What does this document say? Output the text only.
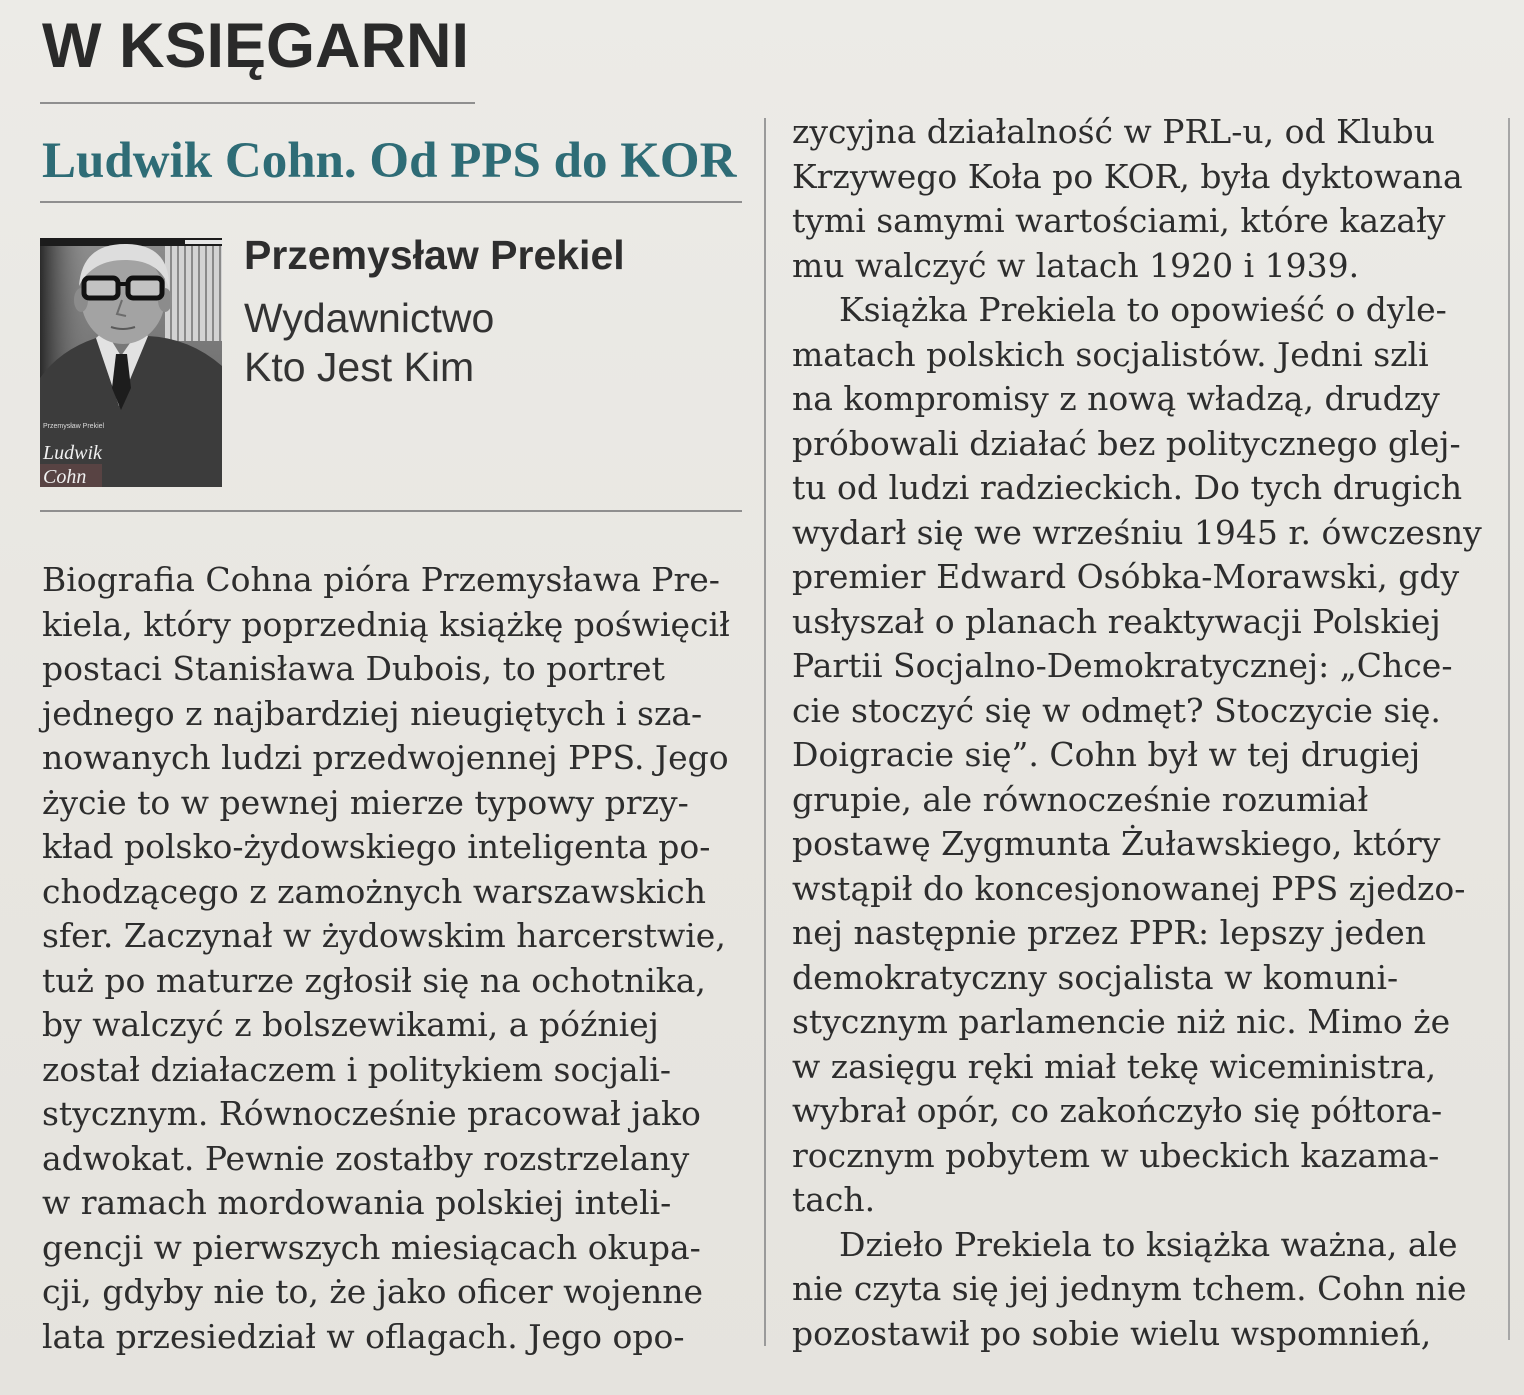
W KSIĘGARNI
Ludwik Cohn. Od PPS do KOR
Przemysław Prekiel
Ludwik
Cohn
Przemysław Prekiel
Wydawnictwo
Kto Jest Kim
Biografia Cohna pióra Przemysława Pre-
kiela, który poprzednią książkę poświęcił
postaci Stanisława Dubois, to portret
jednego z najbardziej nieugiętych i sza-
nowanych ludzi przedwojennej PPS. Jego
życie to w pewnej mierze typowy przy-
kład polsko-żydowskiego inteligenta po-
chodzącego z zamożnych warszawskich
sfer. Zaczynał w żydowskim harcerstwie,
tuż po maturze zgłosił się na ochotnika,
by walczyć z bolszewikami, a później
został działaczem i politykiem socjali-
stycznym. Równocześnie pracował jako
adwokat. Pewnie zostałby rozstrzelany
w ramach mordowania polskiej inteli-
gencji w pierwszych miesiącach okupa-
cji, gdyby nie to, że jako oficer wojenne
lata przesiedział w oflagach. Jego opo-
zycyjna działalność w PRL-u, od Klubu
Krzywego Koła po KOR, była dyktowana
tymi samymi wartościami, które kazały
mu walczyć w latach 1920 i 1939.
Książka Prekiela to opowieść o dyle-
matach polskich socjalistów. Jedni szli
na kompromisy z nową władzą, drudzy
próbowali działać bez politycznego glej-
tu od ludzi radzieckich. Do tych drugich
wydarł się we wrześniu 1945 r. ówczesny
premier Edward Osóbka-Morawski, gdy
usłyszał o planach reaktywacji Polskiej
Partii Socjalno-Demokratycznej: „Chce-
cie stoczyć się w odmęt? Stoczycie się.
Doigracie się”. Cohn był w tej drugiej
grupie, ale równocześnie rozumiał
postawę Zygmunta Żuławskiego, który
wstąpił do koncesjonowanej PPS zjedzo-
nej następnie przez PPR: lepszy jeden
demokratyczny socjalista w komuni-
stycznym parlamencie niż nic. Mimo że
w zasięgu ręki miał tekę wiceministra,
wybrał opór, co zakończyło się półtora-
rocznym pobytem w ubeckich kazama-
tach.
Dzieło Prekiela to książka ważna, ale
nie czyta się jej jednym tchem. Cohn nie
pozostawił po sobie wielu wspomnień,
